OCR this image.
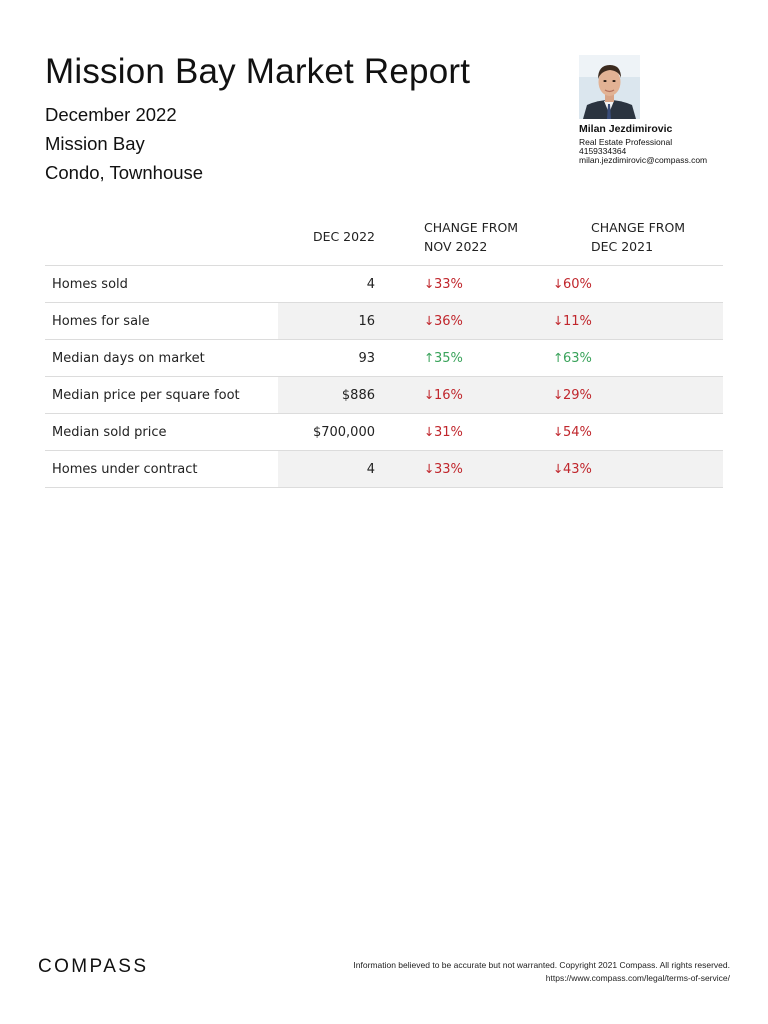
Mission Bay Market Report
December 2022
Mission Bay
Condo, Townhouse
Milan Jezdimirovic
Real Estate Professional
4159334364
milan.jezdimirovic@compass.com
	DEC 2022	CHANGE FROM NOV 2022	CHANGE FROM DEC 2021
Homes sold	4	↓33%	↓60%
Homes for sale	16	↓36%	↓11%
Median days on market	93	↑35%	↑63%
Median price per square foot	$886	↓16%	↓29%
Median sold price	$700,000	↓31%	↓54%
Homes under contract	4	↓33%	↓43%
COMPASS	Information believed to be accurate but not warranted. Copyright 2021 Compass. All rights reserved.
https://www.compass.com/legal/terms-of-service/
